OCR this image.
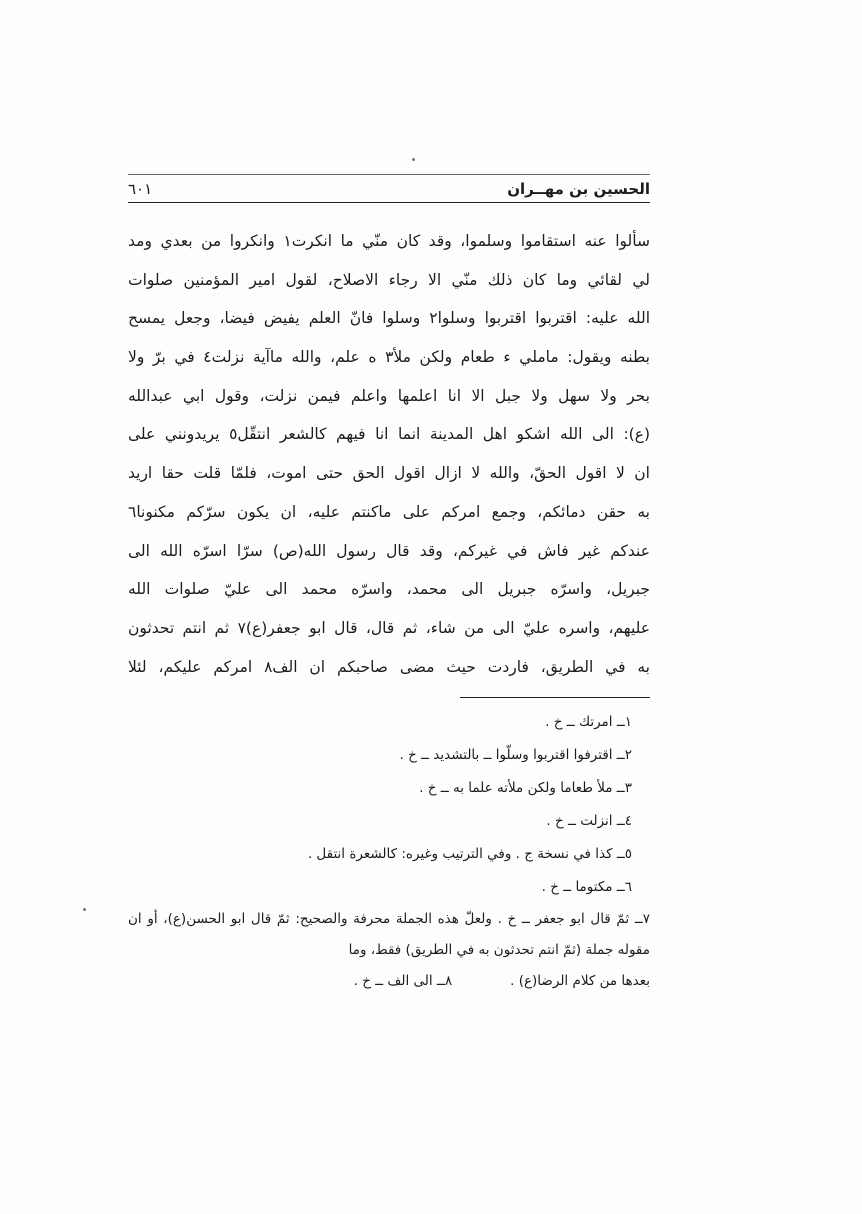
٦٠١	الحسين بن مهــران
سألوا عنه استقاموا وسلموا، وقد كان منّي ما انكرت١ وانكروا من بعدي ومد
لي لقائي وما كان ذلك منّي الا رجاء الاصلاح، لقول امير المؤمنين صلوات
الله عليه: اقتربوا اقتربوا وسلوا٢ وسلوا فانّ العلم يفيض فيضا، وجعل يمسح
بطنه ويقول: ماملي ء طعام ولكن ملأ٣ ه علم، والله ماآية نزلت٤ في برّ ولا
بحر ولا سهل ولا جبل الا انا اعلمها واعلم فيمن نزلت، وقول ابي عبدالله
(ع): الى الله اشكو اهل المدينة انما انا فيهم كالشعر انتقّل٥ يريدونني على
ان لا اقول الحقّ، والله لا ازال اقول الحق حتى اموت، فلمّا قلت حقا اريد
به حقن دمائكم، وجمع امركم على ماكنتم عليه، ان يكون سرّكم مكنونا٦
عندكم غير فاش في غيركم، وقد قال رسول الله(ص) سرّا اسرّه الله الى
جبريل، واسرّه جبريل الى محمد، واسرّه محمد الى عليّ صلوات الله
عليهم، واسره عليّ الى من شاء، ثم قال، قال ابو جعفر(ع)٧ ثم انتم تحدثون
به في الطريق، فاردت حيث مضى صاحبكم ان الف٨ امركم عليكم، لئلا
١ــ امرتك ــ خ .
٢ــ اقترفوا اقتربوا وسلّوا ــ بالتشديد ــ خ .
٣ــ ملأ طعاما ولكن ملأته علما به ــ خ .
٤ــ انزلت ــ خ .
٥ــ كذا في نسخة ج . وفي الترتيب وغيره: كالشعرة انتقل .
٦ــ مكتوما ــ خ .
٧ــ ثمّ قال ابو جعفر ــ خ . ولعلّ هذه الجملة محرفة والصحيح: ثمّ قال ابو الحسن(ع)، أو ان مقوله جملة (ثمّ انتم تحدثون به في الطريق) فقط، وما
بعدها من كلام الرضا(ع) .
٨ــ الى الف ــ خ .
